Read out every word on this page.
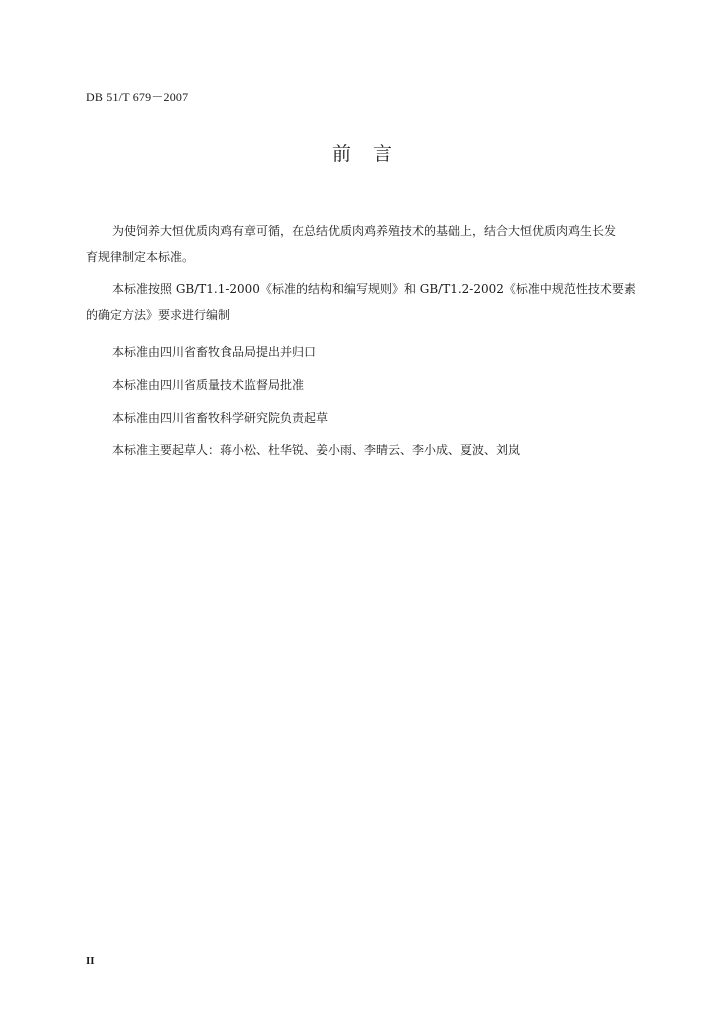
DB 51/T 679－2007
前 言
为使饲养大恒优质肉鸡有章可循，在总结优质肉鸡养殖技术的基础上，结合大恒优质肉鸡生长发
育规律制定本标准。
本标准按照 GB/T1.1-2000《标准的结构和编写规则》和 GB/T1.2-2002《标准中规范性技术要素
的确定方法》要求进行编制
本标准由四川省畜牧食品局提出并归口
本标准由四川省质量技术监督局批准
本标准由四川省畜牧科学研究院负责起草
本标准主要起草人：蒋小松、杜华锐、姜小雨、李晴云、李小成、夏波、刘岚
II
